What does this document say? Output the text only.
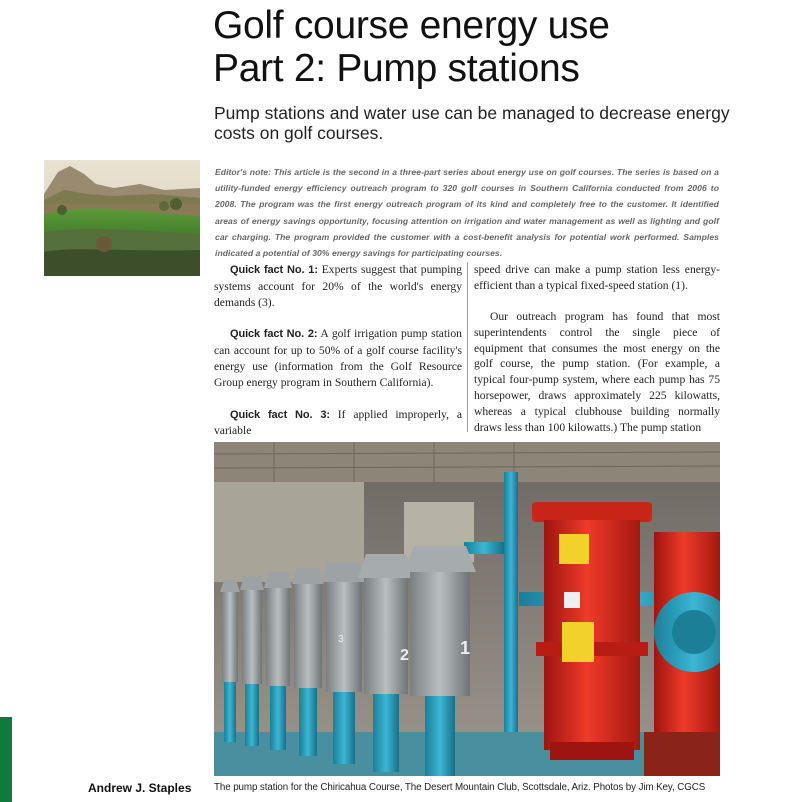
Golf course energy use
Part 2: Pump stations

Pump stations and water use can be managed to decrease energy costs on golf courses.

Editor's note: This article is the second in a three-part series about energy use on golf courses. The series is based on a utility-funded energy efficiency outreach program to 320 golf courses in Southern California conducted from 2006 to 2008. The program was the first energy outreach program of its kind and completely free to the customer. It identified areas of energy savings opportunity, focusing attention on irrigation and water management as well as lighting and golf car charging. The program provided the customer with a cost-benefit analysis for potential work performed. Samples indicated a potential of 30% energy savings for participating courses.

Quick fact No. 1: Experts suggest that pumping systems account for 20% of the world's energy demands (3).

Quick fact No. 2: A golf irrigation pump station can account for up to 50% of a golf course facility's energy use (information from the Golf Resource Group energy program in Southern California).

Quick fact No. 3: If applied improperly, a variable

speed drive can make a pump station less energy-efficient than a typical fixed-speed station (1).

Our outreach program has found that most superintendents control the single piece of equipment that consumes the most energy on the golf course, the pump station. (For example, a typical four-pump system, where each pump has 75 horsepower, draws approximately 225 kilowatts, whereas a typical clubhouse building normally draws less than 100 kilowatts.) The pump station

3
2	1
Andrew J. Staples The pump station for the Chiricahua Course, The Desert Mountain Club, Scottsdale, Ariz. Photos by Jim Key, CGCS
